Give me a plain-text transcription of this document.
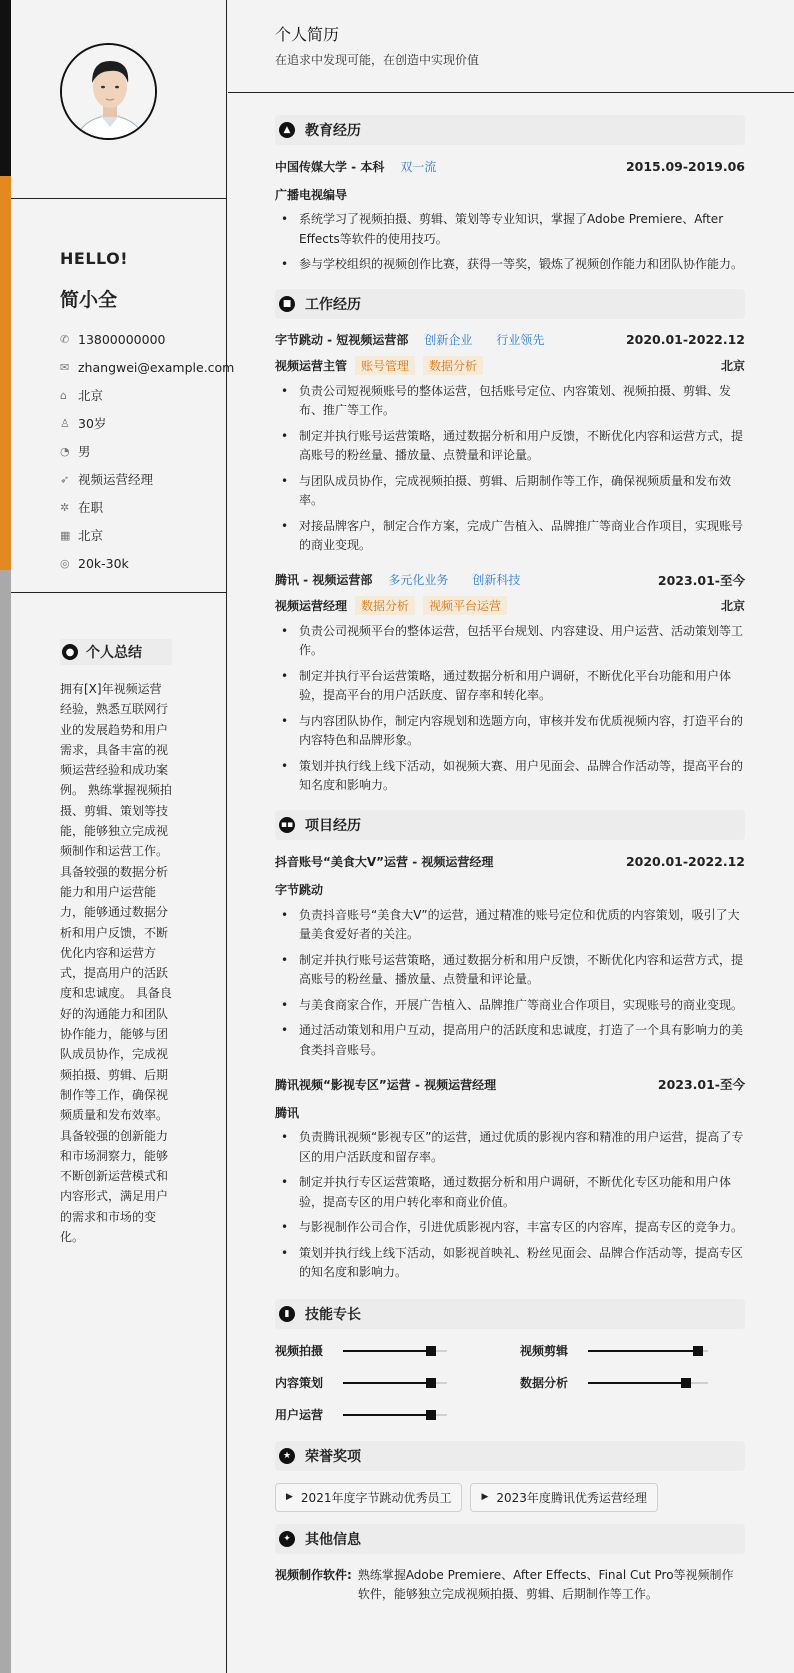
HELLO!
简小全
✆ 13800000000
✉ zhangwei@example.com
⌂ 北京
♙ 30岁
◔ 男
➶ 视频运营经理
✲ 在职
▦ 北京
◎ 20k-30k
● 个人总结
拥有[X]年视频运营经验，熟悉互联网行业的发展趋势和用户需求，具备丰富的视频运营经验和成功案例。 熟练掌握视频拍摄、剪辑、策划等技能，能够独立完成视频制作和运营工作。 具备较强的数据分析能力和用户运营能力，能够通过数据分析和用户反馈，不断优化内容和运营方式，提高用户的活跃度和忠诚度。 具备良好的沟通能力和团队协作能力，能够与团队成员协作，完成视频拍摄、剪辑、后期制作等工作，确保视频质量和发布效率。 具备较强的创新能力和市场洞察力，能够不断创新运营模式和内容形式，满足用户的需求和市场的变化。
个人简历
在追求中发现可能，在创造中实现价值
▲	教育经历
中国传媒大学 - 本科 双一流	2015.09-2019.06
广播电视编导
• 系统学习了视频拍摄、剪辑、策划等专业知识，掌握了Adobe Premiere、After Effects等软件的使用技巧。
• 参与学校组织的视频创作比赛，获得一等奖，锻炼了视频创作能力和团队协作能力。
■ 工作经历
字节跳动 - 短视频运营部 创新企业 行业领先	2020.01-2022.12
视频运营主管	账号管理	数据分析	北京
• 负责公司短视频账号的整体运营，包括账号定位、内容策划、视频拍摄、剪辑、发布、推广等工作。
• 制定并执行账号运营策略，通过数据分析和用户反馈，不断优化内容和运营方式，提高账号的粉丝量、播放量、点赞量和评论量。
• 与团队成员协作，完成视频拍摄、剪辑、后期制作等工作，确保视频质量和发布效率。
• 对接品牌客户，制定合作方案，完成广告植入、品牌推广等商业合作项目，实现账号的商业变现。
腾讯 - 视频运营部 多元化业务 创新科技	2023.01-至今
视频运营经理	数据分析	视频平台运营	北京
• 负责公司视频平台的整体运营，包括平台规划、内容建设、用户运营、活动策划等工作。
• 制定并执行平台运营策略，通过数据分析和用户调研，不断优化平台功能和用户体验，提高平台的用户活跃度、留存率和转化率。
• 与内容团队协作，制定内容规划和选题方向，审核并发布优质视频内容，打造平台的内容特色和品牌形象。
• 策划并执行线上线下活动，如视频大赛、用户见面会、品牌合作活动等，提高平台的知名度和影响力。
▪▪ 项目经历
抖音账号“美食大V”运营 - 视频运营经理	2020.01-2022.12
字节跳动
• 负责抖音账号“美食大V”的运营，通过精准的账号定位和优质的内容策划，吸引了大量美食爱好者的关注。
• 制定并执行账号运营策略，通过数据分析和用户反馈，不断优化内容和运营方式，提高账号的粉丝量、播放量、点赞量和评论量。
• 与美食商家合作，开展广告植入、品牌推广等商业合作项目，实现账号的商业变现。
• 通过活动策划和用户互动，提高用户的活跃度和忠诚度，打造了一个具有影响力的美食类抖音账号。
腾讯视频“影视专区”运营 - 视频运营经理	2023.01-至今
腾讯
• 负责腾讯视频“影视专区”的运营，通过优质的影视内容和精准的用户运营，提高了专区的用户活跃度和留存率。
• 制定并执行专区运营策略，通过数据分析和用户调研，不断优化专区功能和用户体验，提高专区的用户转化率和商业价值。
• 与影视制作公司合作，引进优质影视内容，丰富专区的内容库，提高专区的竞争力。
• 策划并执行线上线下活动，如影视首映礼、粉丝见面会、品牌合作活动等，提高专区的知名度和影响力。
▮	技能专长
视频拍摄	视频剪辑
内容策划	数据分析
用户运营
★ 荣誉奖项
▶ 2021年度字节跳动优秀员工	▶ 2023年度腾讯优秀运营经理
✦	其他信息
视频制作软件: 熟练掌握Adobe Premiere、After Effects、Final Cut Pro等视频制作软件，能够独立完成视频拍摄、剪辑、后期制作等工作。
